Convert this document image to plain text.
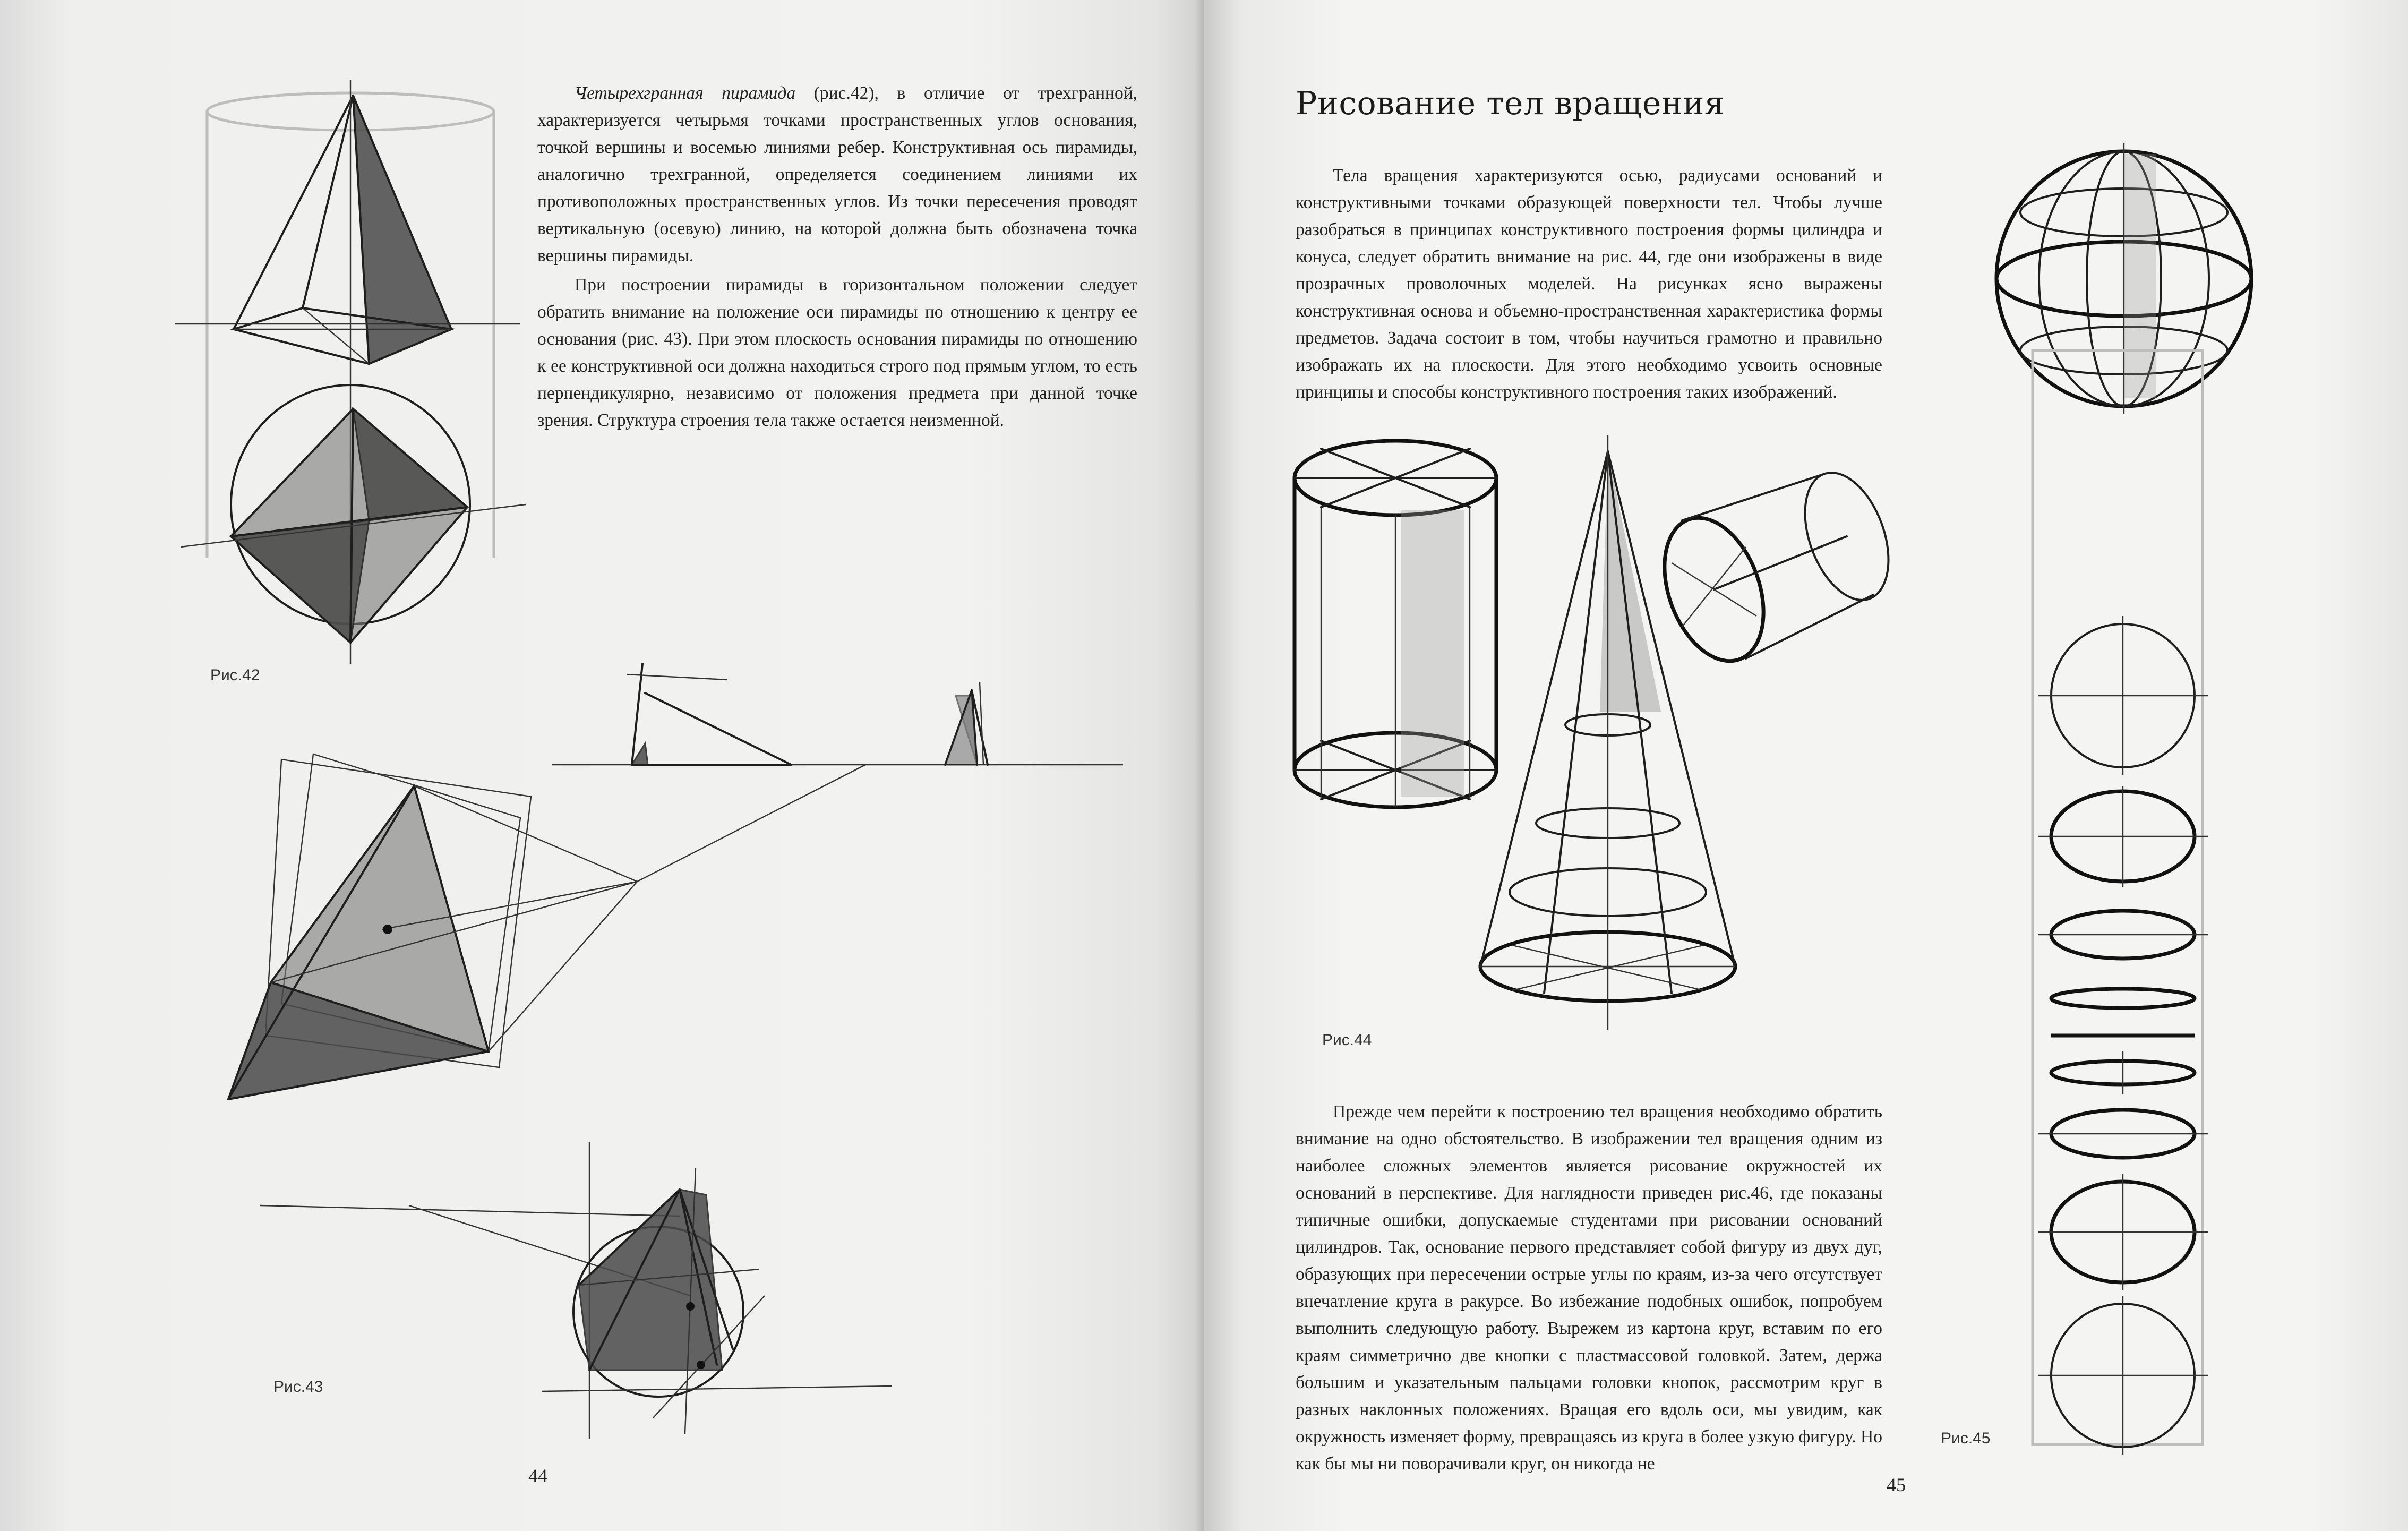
Четырехгранная пирамида (рис.42), в отличие от трехгранной, характеризуется четырьмя точками пространственных углов основания, точкой вершины и восемью линиями ребер. Конструктивная ось пирамиды, аналогично трехгранной, определяется соединением линиями их противоположных пространственных углов. Из точки пересечения проводят вертикальную (осевую) линию, на которой должна быть обозначена точка вершины пирамиды.

При построении пирамиды в горизонтальном положении следует обратить внимание на положение оси пирамиды по отношению к центру ее основания (рис. 43). При этом плоскость основания пирамиды по отношению к ее конструктивной оси должна находиться строго под прямым углом, то есть перпендикулярно, независимо от положения предмета при данной точке зрения. Структура строения тела также остается неизменной.

Рис.42
Рис.43
44
Рисование тел вращения

Тела вращения характеризуются осью, радиусами оснований и конструктивными точками образующей поверхности тел. Чтобы лучше разобраться в принципах конструктивного построения формы цилиндра и конуса, следует обратить внимание на рис. 44, где они изображены в виде прозрачных проволочных моделей. На рисунках ясно выражены конструктивная основа и объемно-пространственная характеристика формы предметов. Задача состоит в том, чтобы научиться грамотно и правильно изображать их на плоскости. Для этого необходимо усвоить основные принципы и способы конструктивного построения таких изображений.

Рис.44

Прежде чем перейти к построению тел вращения необходимо обратить внимание на одно обстоятельство. В изображении тел вращения одним из наиболее сложных элементов является рисование окружностей их оснований в перспективе. Для наглядности приведен рис.46, где показаны типичные ошибки, допускаемые студентами при рисовании оснований цилиндров. Так, основание первого представляет собой фигуру из двух дуг, образующих при пересечении острые углы по краям, из-за чего отсутствует впечатление круга в ракурсе. Во избежание подобных ошибок, попробуем выполнить следующую работу. Вырежем из картона круг, вставим по его краям симметрично две кнопки с пластмассовой головкой. Затем, держа большим и указательным пальцами головки кнопок, рассмотрим круг в разных наклонных положениях. Вращая его вдоль оси, мы увидим, как окружность изменяет форму, превращаясь из круга в более узкую фигуру. Но как бы мы ни поворачивали круг, он никогда не

Рис.45
45
